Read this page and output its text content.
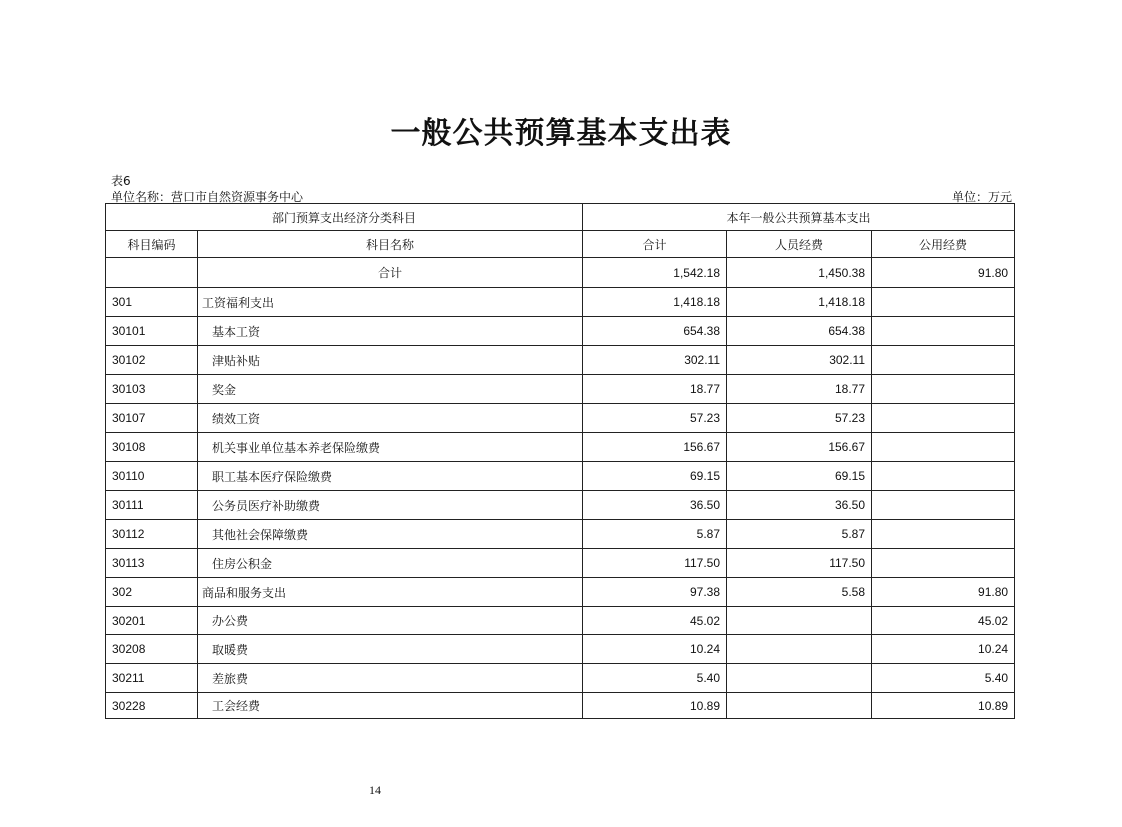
一般公共预算基本支出表
表6
单位名称：营口市自然资源事务中心	单位：万元
部门预算支出经济分类科目		本年一般公共预算基本支出		
科目编码	科目名称	合计	人员经费	公用经费
	合计	1,542.18	1,450.38	91.80
301	工资福利支出	1,418.18	1,418.18	
30101	基本工资	654.38	654.38	
30102	津贴补贴	302.11	302.11	
30103	奖金	18.77	18.77	
30107	绩效工资	57.23	57.23	
30108	机关事业单位基本养老保险缴费	156.67	156.67	
30110	职工基本医疗保险缴费	69.15	69.15	
30111	公务员医疗补助缴费	36.50	36.50	
30112	其他社会保障缴费	5.87	5.87	
30113	住房公积金	117.50	117.50	
302	商品和服务支出	97.38	5.58	91.80
30201	办公费	45.02		45.02
30208	取暖费	10.24		10.24
30211	差旅费	5.40		5.40
30228	工会经费	10.89		10.89
14
